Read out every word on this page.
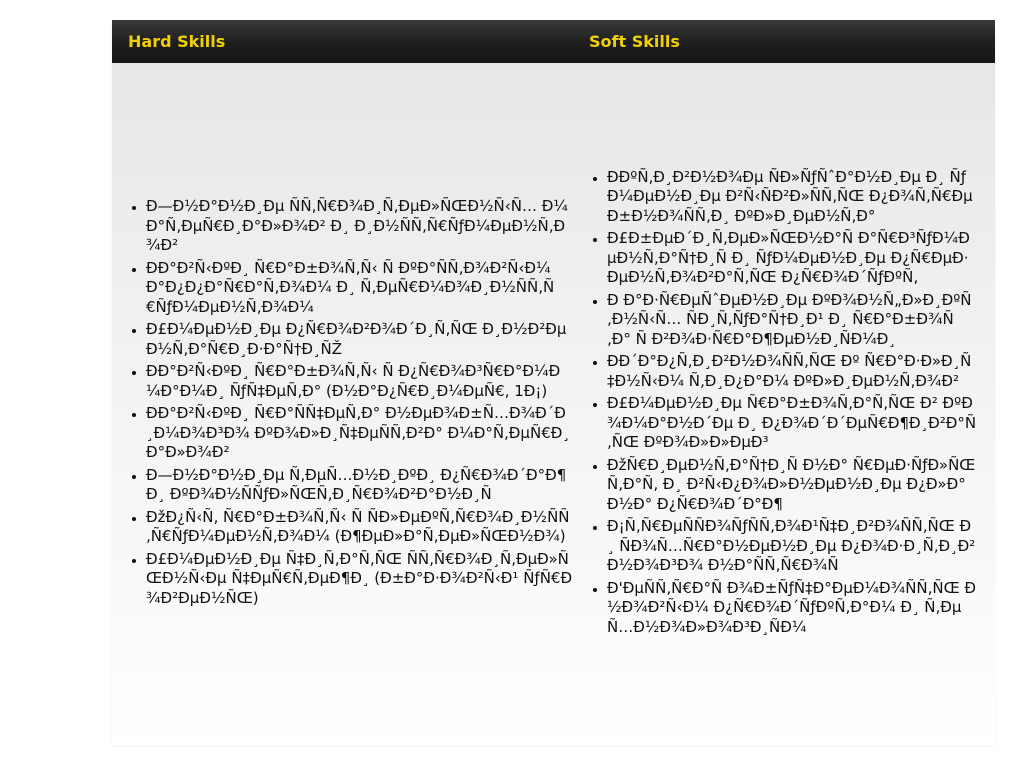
Hard Skills	Soft Skills
• Ð—Ð½Ð°Ð½Ð¸Ðµ ÑÑ‚Ñ€Ð¾Ð¸Ñ‚ÐµÐ»ÑŒÐ½Ñ‹Ñ… Ð¼Ð°Ñ‚ÐµÑ€Ð¸Ð°Ð»Ð¾Ð² Ð¸ Ð¸Ð½ÑÑ‚Ñ€ÑƒÐ¼ÐµÐ½Ñ‚Ð¾Ð²
• ÐÐ°Ð²Ñ‹ÐºÐ¸ Ñ€Ð°Ð±Ð¾Ñ‚Ñ‹ Ñ ÐºÐ°ÑÑ‚Ð¾Ð²Ñ‹Ð¼ Ð°Ð¿Ð¿Ð°Ñ€Ð°Ñ‚Ð¾Ð¼ Ð¸ Ñ‚ÐµÑ€Ð¼Ð¾Ð¸Ð½ÑÑ‚Ñ€ÑƒÐ¼ÐµÐ½Ñ‚Ð¾Ð¼
• Ð£Ð¼ÐµÐ½Ð¸Ðµ Ð¿Ñ€Ð¾Ð²Ð¾Ð´Ð¸Ñ‚ÑŒ Ð¸Ð½Ð²ÐµÐ½Ñ‚Ð°Ñ€Ð¸Ð·Ð°Ñ†Ð¸ÑŽ
• ÐÐ°Ð²Ñ‹ÐºÐ¸ Ñ€Ð°Ð±Ð¾Ñ‚Ñ‹ Ñ Ð¿Ñ€Ð¾Ð³Ñ€Ð°Ð¼Ð¼Ð°Ð¼Ð¸ ÑƒÑ‡ÐµÑ‚Ð° (Ð½Ð°Ð¿Ñ€Ð¸Ð¼ÐµÑ€, 1Ð¡)
• ÐÐ°Ð²Ñ‹ÐºÐ¸ Ñ€Ð°ÑÑ‡ÐµÑ‚Ð° Ð½ÐµÐ¾Ð±Ñ…Ð¾Ð´Ð¸Ð¼Ð¾Ð³Ð¾ ÐºÐ¾Ð»Ð¸Ñ‡ÐµÑÑ‚Ð²Ð° Ð¼Ð°Ñ‚ÐµÑ€Ð¸Ð°Ð»Ð¾Ð²
• Ð—Ð½Ð°Ð½Ð¸Ðµ Ñ‚ÐµÑ…Ð½Ð¸ÐºÐ¸ Ð¿Ñ€Ð¾Ð´Ð°Ð¶ Ð¸ ÐºÐ¾Ð½ÑÑƒÐ»ÑŒÑ‚Ð¸Ñ€Ð¾Ð²Ð°Ð½Ð¸Ñ
• ÐžÐ¿Ñ‹Ñ‚ Ñ€Ð°Ð±Ð¾Ñ‚Ñ‹ Ñ ÑÐ»ÐµÐºÑ‚Ñ€Ð¾Ð¸Ð½ÑÑ‚Ñ€ÑƒÐ¼ÐµÐ½Ñ‚Ð¾Ð¼ (Ð¶ÐµÐ»Ð°Ñ‚ÐµÐ»ÑŒÐ½Ð¾)
• Ð£Ð¼ÐµÐ½Ð¸Ðµ Ñ‡Ð¸Ñ‚Ð°Ñ‚ÑŒ ÑÑ‚Ñ€Ð¾Ð¸Ñ‚ÐµÐ»ÑŒÐ½Ñ‹Ðµ Ñ‡ÐµÑ€Ñ‚ÐµÐ¶Ð¸ (Ð±Ð°Ð·Ð¾Ð²Ñ‹Ð¹ ÑƒÑ€Ð¾Ð²ÐµÐ½ÑŒ)
• ÐÐºÑ‚Ð¸Ð²Ð½Ð¾Ðµ ÑÐ»ÑƒÑˆÐ°Ð½Ð¸Ðµ Ð¸ ÑƒÐ¼ÐµÐ½Ð¸Ðµ Ð²Ñ‹ÑÐ²Ð»ÑÑ‚ÑŒ Ð¿Ð¾Ñ‚Ñ€ÐµÐ±Ð½Ð¾ÑÑ‚Ð¸ ÐºÐ»Ð¸ÐµÐ½Ñ‚Ð°
• Ð£Ð±ÐµÐ´Ð¸Ñ‚ÐµÐ»ÑŒÐ½Ð°Ñ Ð°Ñ€Ð³ÑƒÐ¼ÐµÐ½Ñ‚Ð°Ñ†Ð¸Ñ Ð¸ ÑƒÐ¼ÐµÐ½Ð¸Ðµ Ð¿Ñ€ÐµÐ·ÐµÐ½Ñ‚Ð¾Ð²Ð°Ñ‚ÑŒ Ð¿Ñ€Ð¾Ð´ÑƒÐºÑ‚
• Ð Ð°Ð·Ñ€ÐµÑˆÐµÐ½Ð¸Ðµ ÐºÐ¾Ð½Ñ„Ð»Ð¸ÐºÑ‚Ð½Ñ‹Ñ… ÑÐ¸Ñ‚ÑƒÐ°Ñ†Ð¸Ð¹ Ð¸ Ñ€Ð°Ð±Ð¾Ñ‚Ð° Ñ Ð²Ð¾Ð·Ñ€Ð°Ð¶ÐµÐ½Ð¸ÑÐ¼Ð¸
• ÐÐ´Ð°Ð¿Ñ‚Ð¸Ð²Ð½Ð¾ÑÑ‚ÑŒ Ðº Ñ€Ð°Ð·Ð»Ð¸Ñ‡Ð½Ñ‹Ð¼ Ñ‚Ð¸Ð¿Ð°Ð¼ ÐºÐ»Ð¸ÐµÐ½Ñ‚Ð¾Ð²
• Ð£Ð¼ÐµÐ½Ð¸Ðµ Ñ€Ð°Ð±Ð¾Ñ‚Ð°Ñ‚ÑŒ Ð² ÐºÐ¾Ð¼Ð°Ð½Ð´Ðµ Ð¸ Ð¿Ð¾Ð´Ð´ÐµÑ€Ð¶Ð¸Ð²Ð°Ñ‚ÑŒ ÐºÐ¾Ð»Ð»ÐµÐ³
• ÐžÑ€Ð¸ÐµÐ½Ñ‚Ð°Ñ†Ð¸Ñ Ð½Ð° Ñ€ÐµÐ·ÑƒÐ»ÑŒÑ‚Ð°Ñ‚ Ð¸ Ð²Ñ‹Ð¿Ð¾Ð»Ð½ÐµÐ½Ð¸Ðµ Ð¿Ð»Ð°Ð½Ð° Ð¿Ñ€Ð¾Ð´Ð°Ð¶
• Ð¡Ñ‚Ñ€ÐµÑÑÐ¾ÑƒÑÑ‚Ð¾Ð¹Ñ‡Ð¸Ð²Ð¾ÑÑ‚ÑŒ Ð¸ ÑÐ¾Ñ…Ñ€Ð°Ð½ÐµÐ½Ð¸Ðµ Ð¿Ð¾Ð·Ð¸Ñ‚Ð¸Ð²Ð½Ð¾Ð³Ð¾ Ð½Ð°ÑÑ‚Ñ€Ð¾Ñ
• Ð'ÐµÑÑ‚Ñ€Ð°Ñ Ð¾Ð±ÑƒÑ‡Ð°ÐµÐ¼Ð¾ÑÑ‚ÑŒ Ð½Ð¾Ð²Ñ‹Ð¼ Ð¿Ñ€Ð¾Ð´ÑƒÐºÑ‚Ð°Ð¼ Ð¸ Ñ‚ÐµÑ…Ð½Ð¾Ð»Ð¾Ð³Ð¸ÑÐ¼
